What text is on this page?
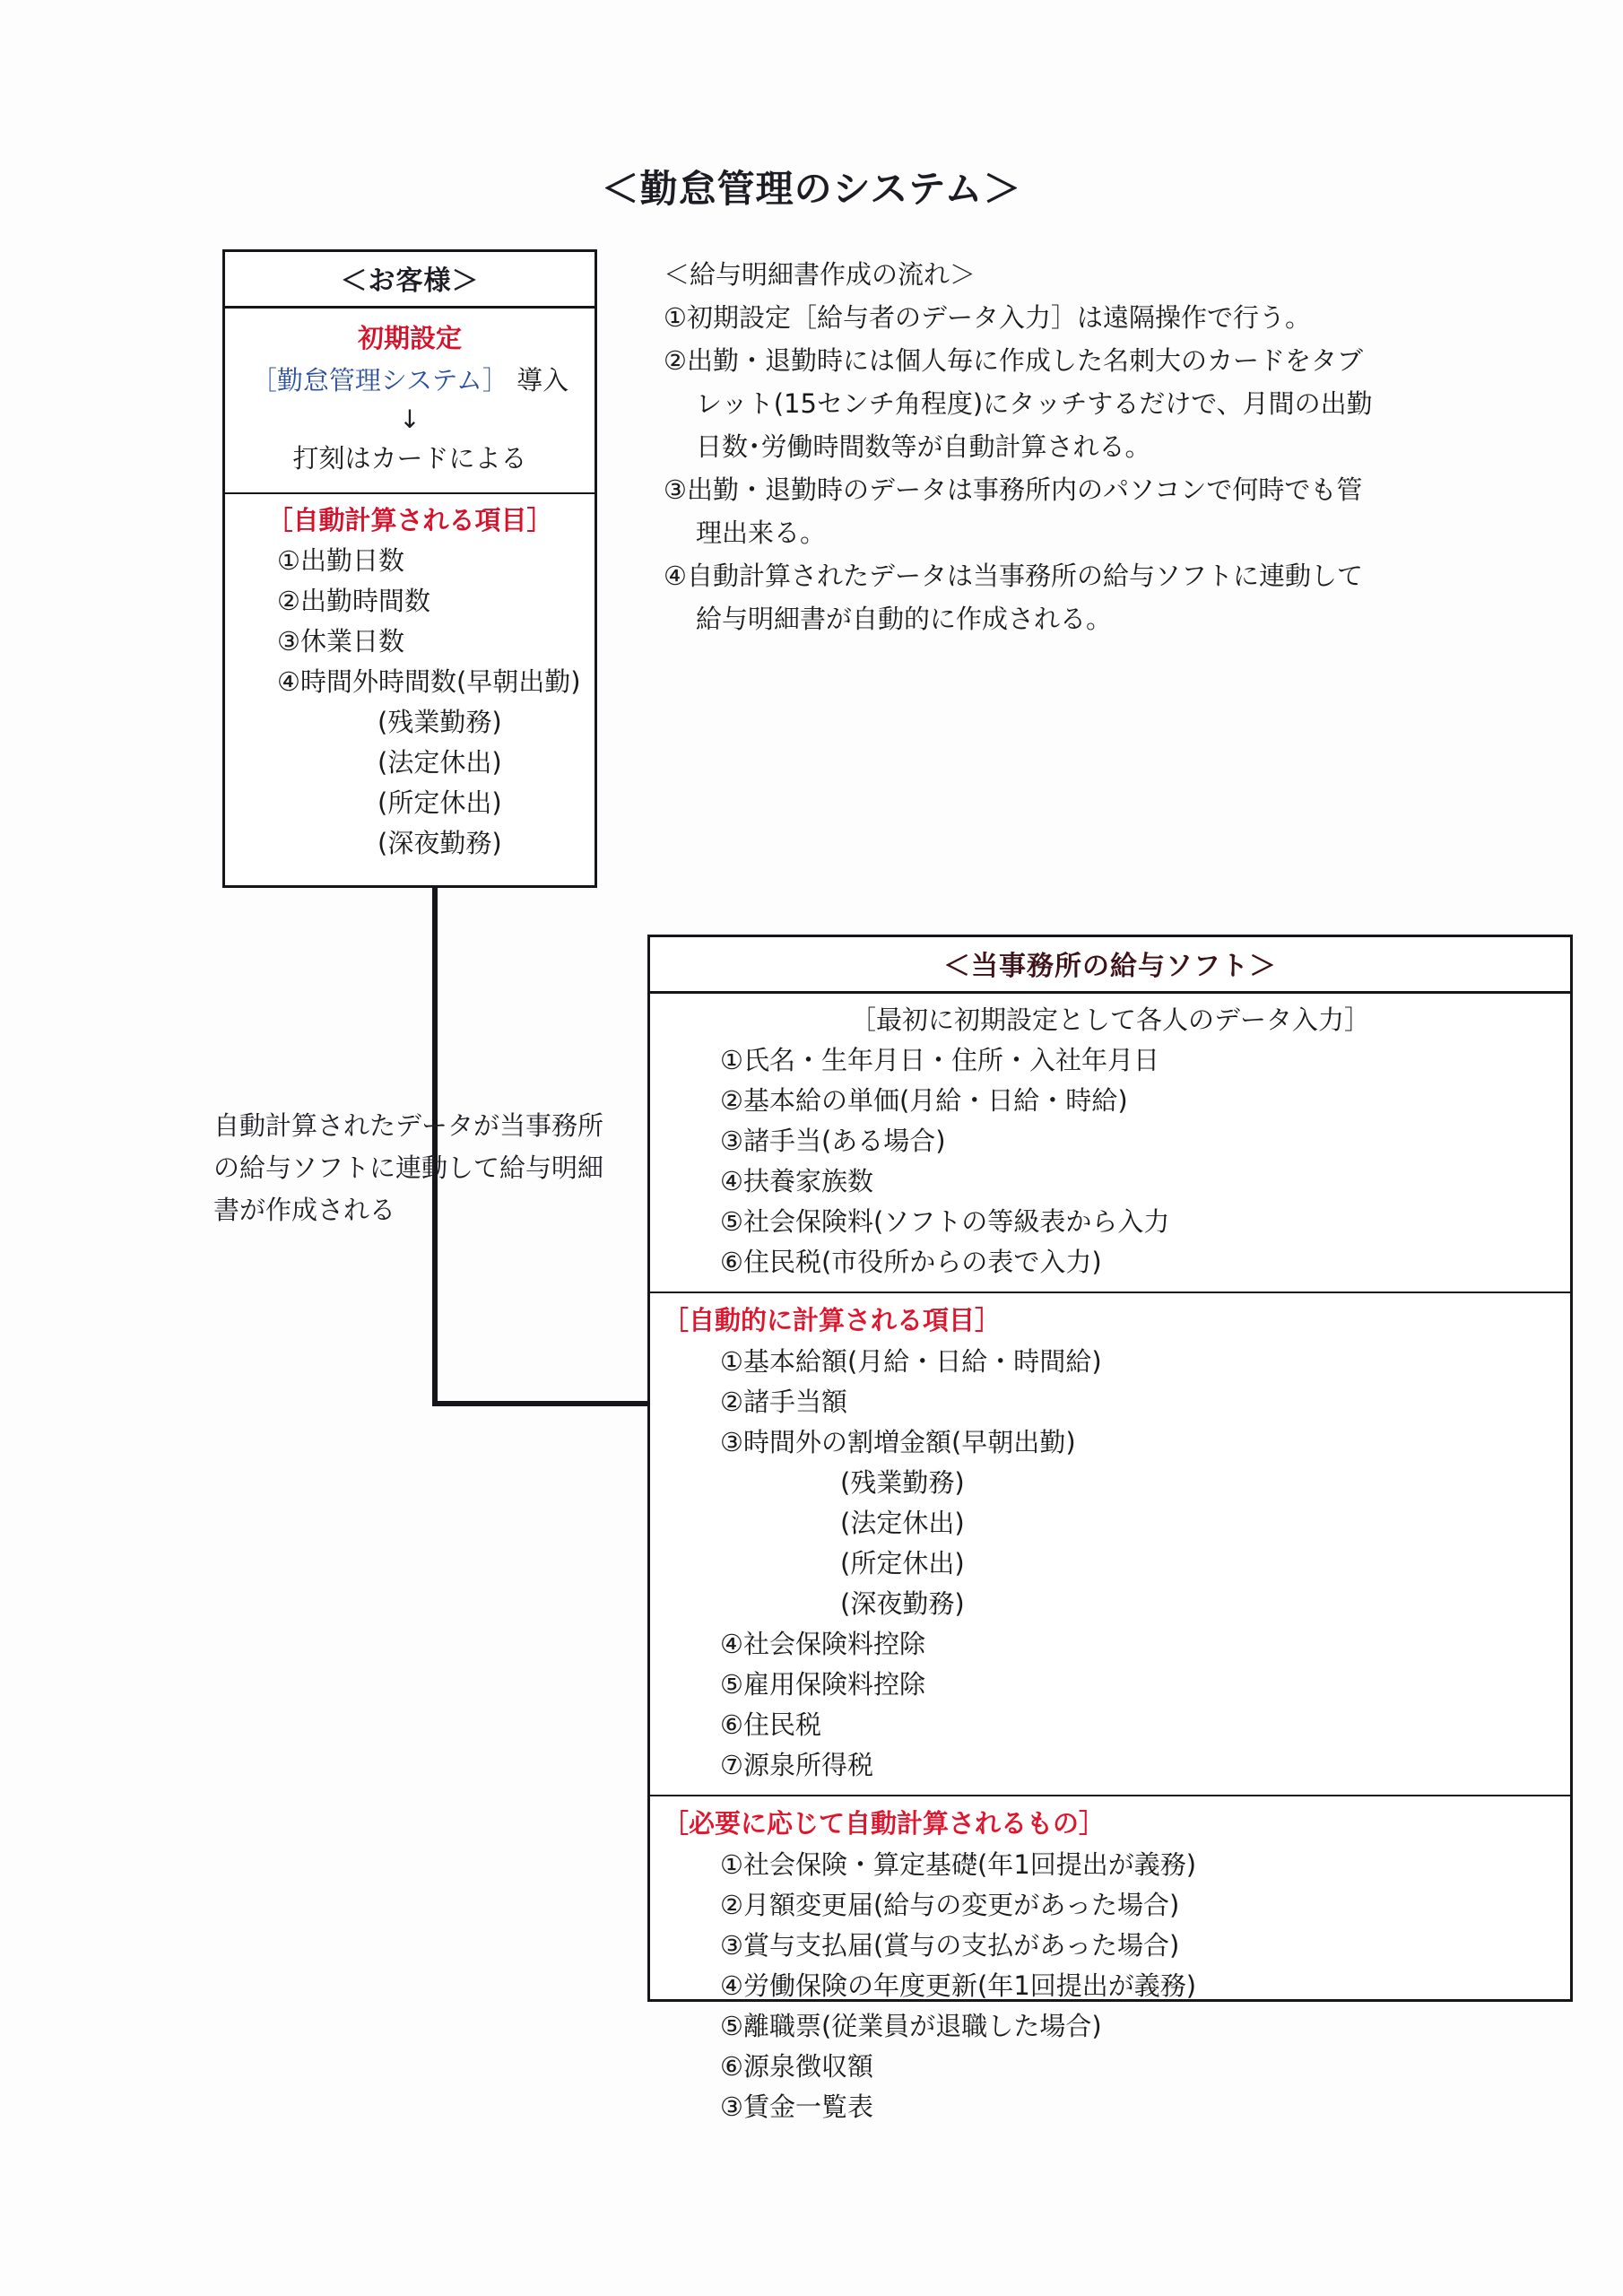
＜勤怠管理のシステム＞
＜お客様＞
初期設定
［勤怠管理システム］ 導入
↓
打刻はカードによる
［自動計算される項目］
①出勤日数
②出勤時間数
③休業日数
④時間外時間数(早朝出勤)
(残業勤務)
(法定休出)
(所定休出)
(深夜勤務)
＜給与明細書作成の流れ＞
① 初期設定［給与者のデータ入力］は遠隔操作で行う。
② 出勤・退勤時には個人毎に作成した名刺大のカードをタブ
レット(15センチ角程度)にタッチするだけで、月間の出勤
日数･労働時間数等が自動計算される。
③ 出勤・退勤時のデータは事務所内のパソコンで何時でも管
理出来る。
④ 自動計算されたデータは当事務所の給与ソフトに連動して
給与明細書が自動的に作成される。
自動計算されたデータが当事務所
の給与ソフトに連動して給与明細
書が作成される
＜当事務所の給与ソフト＞
［最初に初期設定として各人のデータ入力］
①氏名・生年月日・住所・入社年月日
②基本給の単価(月給・日給・時給)
③諸手当(ある場合)
④扶養家族数
⑤社会保険料(ソフトの等級表から入力
⑥住民税(市役所からの表で入力)
［自動的に計算される項目］
①基本給額(月給・日給・時間給)
②諸手当額
③時間外の割増金額(早朝出勤)
(残業勤務)
(法定休出)
(所定休出)
(深夜勤務)
④社会保険料控除
⑤雇用保険料控除
⑥住民税
⑦源泉所得税
［必要に応じて自動計算されるもの］
①社会保険・算定基礎(年1回提出が義務)
②月額変更届(給与の変更があった場合)
③賞与支払届(賞与の支払があった場合)
④労働保険の年度更新(年1回提出が義務)
⑤離職票(従業員が退職した場合)
⑥源泉徴収額
③賃金一覧表
